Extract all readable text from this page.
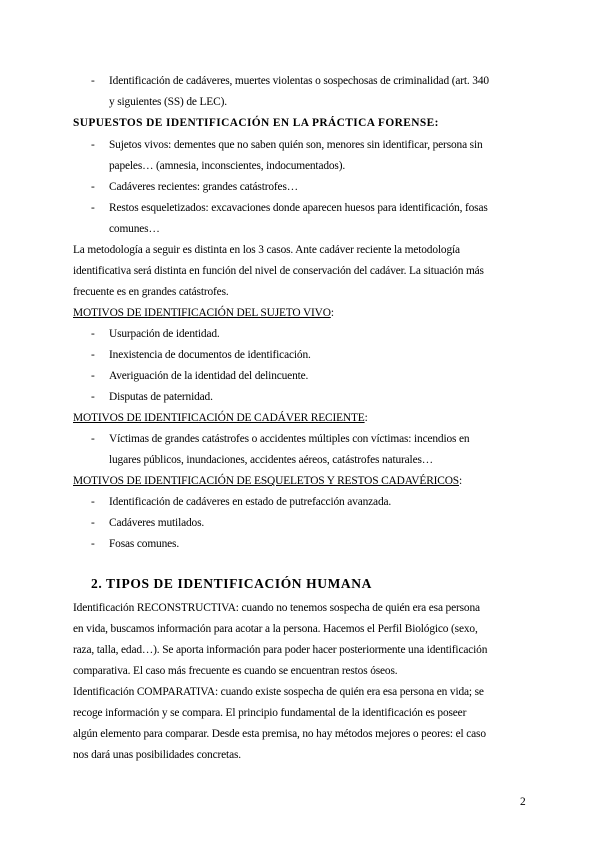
- Identificación de cadáveres, muertes violentas o sospechosas de criminalidad (art. 340
y siguientes (SS) de LEC).
SUPUESTOS DE IDENTIFICACIÓN EN LA PRÁCTICA FORENSE:
- Sujetos vivos: dementes que no saben quién son, menores sin identificar, persona sin
papeles… (amnesia, inconscientes, indocumentados).
- Cadáveres recientes: grandes catástrofes…
- Restos esqueletizados: excavaciones donde aparecen huesos para identificación, fosas
comunes…
La metodología a seguir es distinta en los 3 casos. Ante cadáver reciente la metodología
identificativa será distinta en función del nivel de conservación del cadáver. La situación más
frecuente es en grandes catástrofes.
MOTIVOS DE IDENTIFICACIÓN DEL SUJETO VIVO:
- Usurpación de identidad.
- Inexistencia de documentos de identificación.
- Averiguación de la identidad del delincuente.
- Disputas de paternidad.
MOTIVOS DE IDENTIFICACIÓN DE CADÁVER RECIENTE:
- Víctimas de grandes catástrofes o accidentes múltiples con víctimas: incendios en
lugares públicos, inundaciones, accidentes aéreos, catástrofes naturales…
MOTIVOS DE IDENTIFICACIÓN DE ESQUELETOS Y RESTOS CADAVÉRICOS:
- Identificación de cadáveres en estado de putrefacción avanzada.
- Cadáveres mutilados.
- Fosas comunes.
2. TIPOS DE IDENTIFICACIÓN HUMANA
Identificación RECONSTRUCTIVA: cuando no tenemos sospecha de quién era esa persona
en vida, buscamos información para acotar a la persona. Hacemos el Perfil Biológico (sexo,
raza, talla, edad…). Se aporta información para poder hacer posteriormente una identificación
comparativa. El caso más frecuente es cuando se encuentran restos óseos.
Identificación COMPARATIVA: cuando existe sospecha de quién era esa persona en vida; se
recoge información y se compara. El principio fundamental de la identificación es poseer
algún elemento para comparar. Desde esta premisa, no hay métodos mejores o peores: el caso
nos dará unas posibilidades concretas.
2
